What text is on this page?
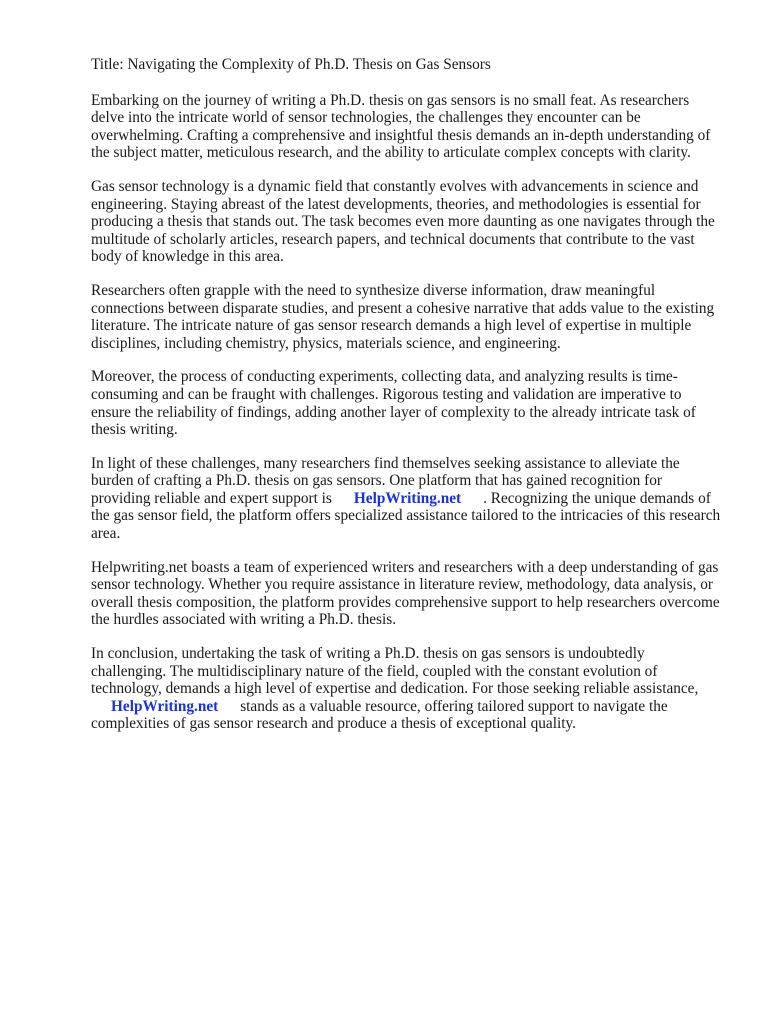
Title: Navigating the Complexity of Ph.D. Thesis on Gas Sensors

Embarking on the journey of writing a Ph.D. thesis on gas sensors is no small feat. As researchers delve into the intricate world of sensor technologies, the challenges they encounter can be overwhelming. Crafting a comprehensive and insightful thesis demands an in-depth understanding of the subject matter, meticulous research, and the ability to articulate complex concepts with clarity.

Gas sensor technology is a dynamic field that constantly evolves with advancements in science and engineering. Staying abreast of the latest developments, theories, and methodologies is essential for producing a thesis that stands out. The task becomes even more daunting as one navigates through the multitude of scholarly articles, research papers, and technical documents that contribute to the vast body of knowledge in this area.

Researchers often grapple with the need to synthesize diverse information, draw meaningful connections between disparate studies, and present a cohesive narrative that adds value to the existing literature. The intricate nature of gas sensor research demands a high level of expertise in multiple disciplines, including chemistry, physics, materials science, and engineering.

Moreover, the process of conducting experiments, collecting data, and analyzing results is time-consuming and can be fraught with challenges. Rigorous testing and validation are imperative to ensure the reliability of findings, adding another layer of complexity to the already intricate task of thesis writing.

In light of these challenges, many researchers find themselves seeking assistance to alleviate the burden of crafting a Ph.D. thesis on gas sensors. One platform that has gained recognition for providing reliable and expert support is HelpWriting.net . Recognizing the unique demands of the gas sensor field, the platform offers specialized assistance tailored to the intricacies of this research area.

Helpwriting.net boasts a team of experienced writers and researchers with a deep understanding of gas sensor technology. Whether you require assistance in literature review, methodology, data analysis, or overall thesis composition, the platform provides comprehensive support to help researchers overcome the hurdles associated with writing a Ph.D. thesis.

In conclusion, undertaking the task of writing a Ph.D. thesis on gas sensors is undoubtedly challenging. The multidisciplinary nature of the field, coupled with the constant evolution of technology, demands a high level of expertise and dedication. For those seeking reliable assistance,
HelpWriting.net stands as a valuable resource, offering tailored support to navigate the complexities of gas sensor research and produce a thesis of exceptional quality.
